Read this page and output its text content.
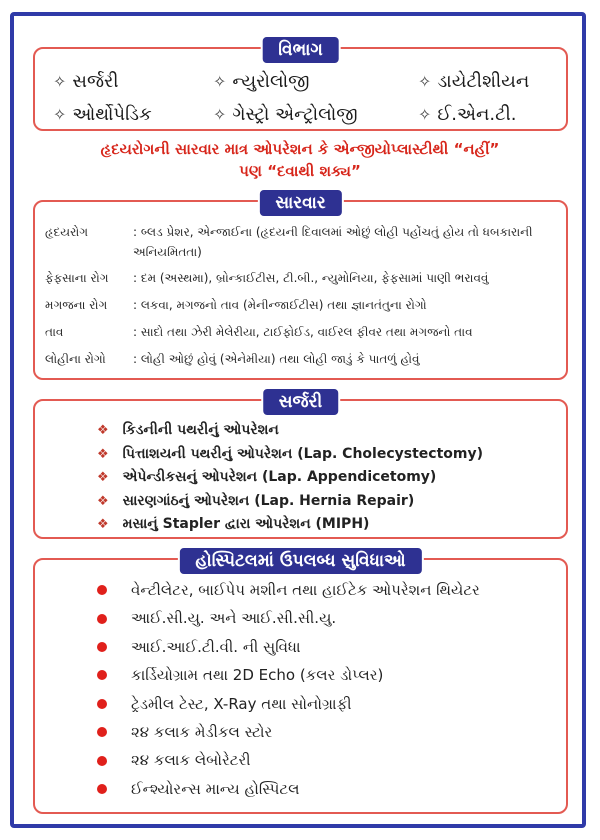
વિભાગ
✧ સર્જરી	✧ ન્યુરોલોજી	✧ ડાયેટીશીયન
✧ ઓર્થોપેડિક	✧ ગેસ્ટ્રો એન્ટ્રોલોજી	✧ ઈ.એન.ટી.
હૃદયરોગની સારવાર માત્ર ઓપરેશન કે એન્જીયોપ્લાસ્ટીથી “નહીં”
પણ “દવાથી શક્ય”
સારવાર
હૃદયરોગ	: બ્લડ પ્રેશર, એન્જાઈના (હૃદયની દિવાલમાં ઓછું લોહી પહોંચતું હોય તો ધબકારાની અનિયમિતતા)
ફેફસાના રોગ	: દમ (અસ્થમા), બ્રોન્કાઈટીસ, ટી.બી., ન્યુમોનિયા, ફેફસામાં પાણી ભરાવવું
મગજના રોગ	: લકવા, મગજનો તાવ (મેનીન્જાઈટીસ) તથા જ્ઞાનતંતુના રોગો
તાવ	: સાદો તથા ઝેરી મેલેરીયા, ટાઈફોઈડ, વાઈરલ ફીવર તથા મગજનો તાવ
લોહીના રોગો	: લોહી ઓછું હોવું (એનેમીયા) તથા લોહી જાડું કે પાતળું હોવું
સર્જરી
❖ કિડનીની પથરીનું ઓપરેશન
❖ પિત્તાશયની પથરીનું ઓપરેશન (Lap. Cholecystectomy)
❖ એપેન્ડીકસનું ઓપરેશન (Lap. Appendicetomy)
❖ સારણગાંઠનું ઓપરેશન (Lap. Hernia Repair)
❖ મસાનું Stapler દ્વારા ઓપરેશન (MIPH)
હોસ્પિટલમાં ઉપલબ્ધ સુવિધાઓ
વેન્ટીલેટર, બાઈપેપ મશીન તથા હાઈટેક ઓપરેશન થિયેટર
આઈ.સી.યુ. અને આઈ.સી.સી.યુ.
આઈ.આઈ.ટી.વી. ની સુવિધા
કાર્ડિયોગ્રામ તથા 2D Echo (કલર ડોપ્લર)
ટ્રેડમીલ ટેસ્ટ, X-Ray તથા સોનોગ્રાફી
૨૪ કલાક મેડીકલ સ્ટોર
૨૪ કલાક લેબોરેટરી
ઈન્શ્યોરન્સ માન્ય હોસ્પિટલ
